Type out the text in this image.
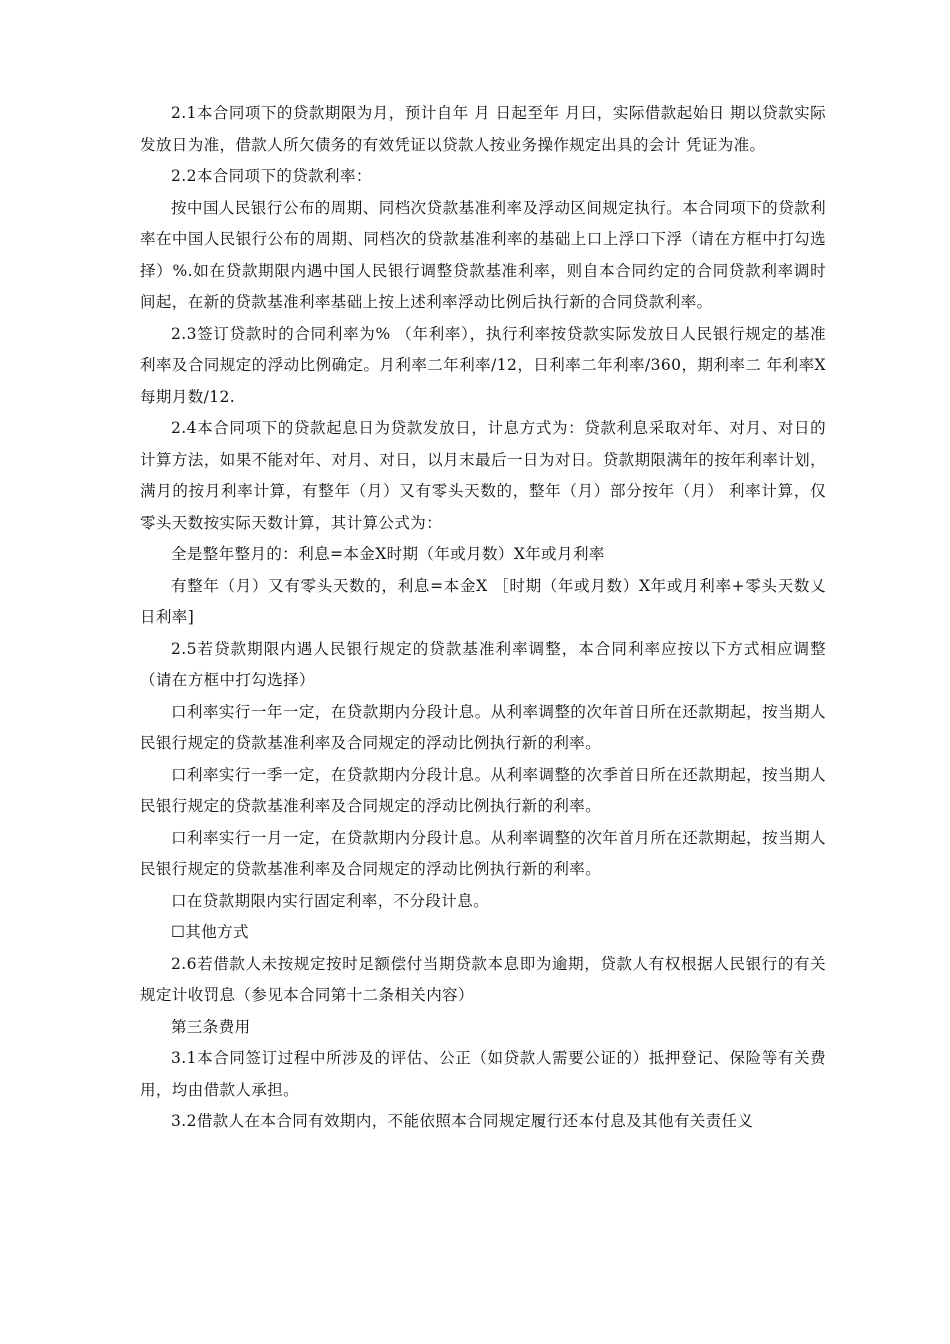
2.1本合同项下的贷款期限为月，预计自年 月 日起至年 月曰，实际借款起始日 期以贷款实际发放日为准，借款人所欠债务的有效凭证以贷款人按业务操作规定出具的会计 凭证为准。

2.2本合同项下的贷款利率：

按中国人民银行公布的周期、同档次贷款基准利率及浮动区间规定执行。本合同项下的贷款利率在中国人民银行公布的周期、同档次的贷款基准利率的基础上口上浮口下浮（请在方框中打勾选择）%.如在贷款期限内遇中国人民银行调整贷款基准利率，则自本合同约定的合同贷款利率调时间起，在新的贷款基准利率基础上按上述利率浮动比例后执行新的合同贷款利率。

2.3签订贷款时的合同利率为% （年利率），执行利率按贷款实际发放日人民银行规定的基准利率及合同规定的浮动比例确定。月利率二年利率/12，日利率二年利率/360，期利率二 年利率X每期月数/12.

2.4本合同项下的贷款起息日为贷款发放日，计息方式为：贷款利息采取对年、对月、对日的计算方法，如果不能对年、对月、对日，以月末最后一日为对日。贷款期限满年的按年利率计划，满月的按月利率计算，有整年（月）又有零头天数的，整年（月）部分按年（月） 利率计算，仅零头天数按实际天数计算，其计算公式为：

全是整年整月的：利息=本金X时期（年或月数）X年或月利率

有整年（月）又有零头天数的，利息=本金X ［时期（年或月数）X年或月利率+零头天数乂日利率]

2.5若贷款期限内遇人民银行规定的贷款基准利率调整，本合同利率应按以下方式相应调整（请在方框中打勾选择）

口利率实行一年一定，在贷款期内分段计息。从利率调整的次年首日所在还款期起，按当期人民银行规定的贷款基准利率及合同规定的浮动比例执行新的利率。

口利率实行一季一定，在贷款期内分段计息。从利率调整的次季首日所在还款期起，按当期人民银行规定的贷款基准利率及合同规定的浮动比例执行新的利率。

口利率实行一月一定，在贷款期内分段计息。从利率调整的次年首月所在还款期起，按当期人民银行规定的贷款基准利率及合同规定的浮动比例执行新的利率。

口在贷款期限内实行固定利率，不分段计息。

☐其他方式

2.6若借款人未按规定按时足额偿付当期贷款本息即为逾期，贷款人有权根据人民银行的有关规定计收罚息（参见本合同第十二条相关内容）

第三条费用

3.1本合同签订过程中所涉及的评估、公正（如贷款人需要公证的）抵押登记、保险等有关费用，均由借款人承担。

3.2借款人在本合同有效期内，不能依照本合同规定履行还本付息及其他有关责任义
